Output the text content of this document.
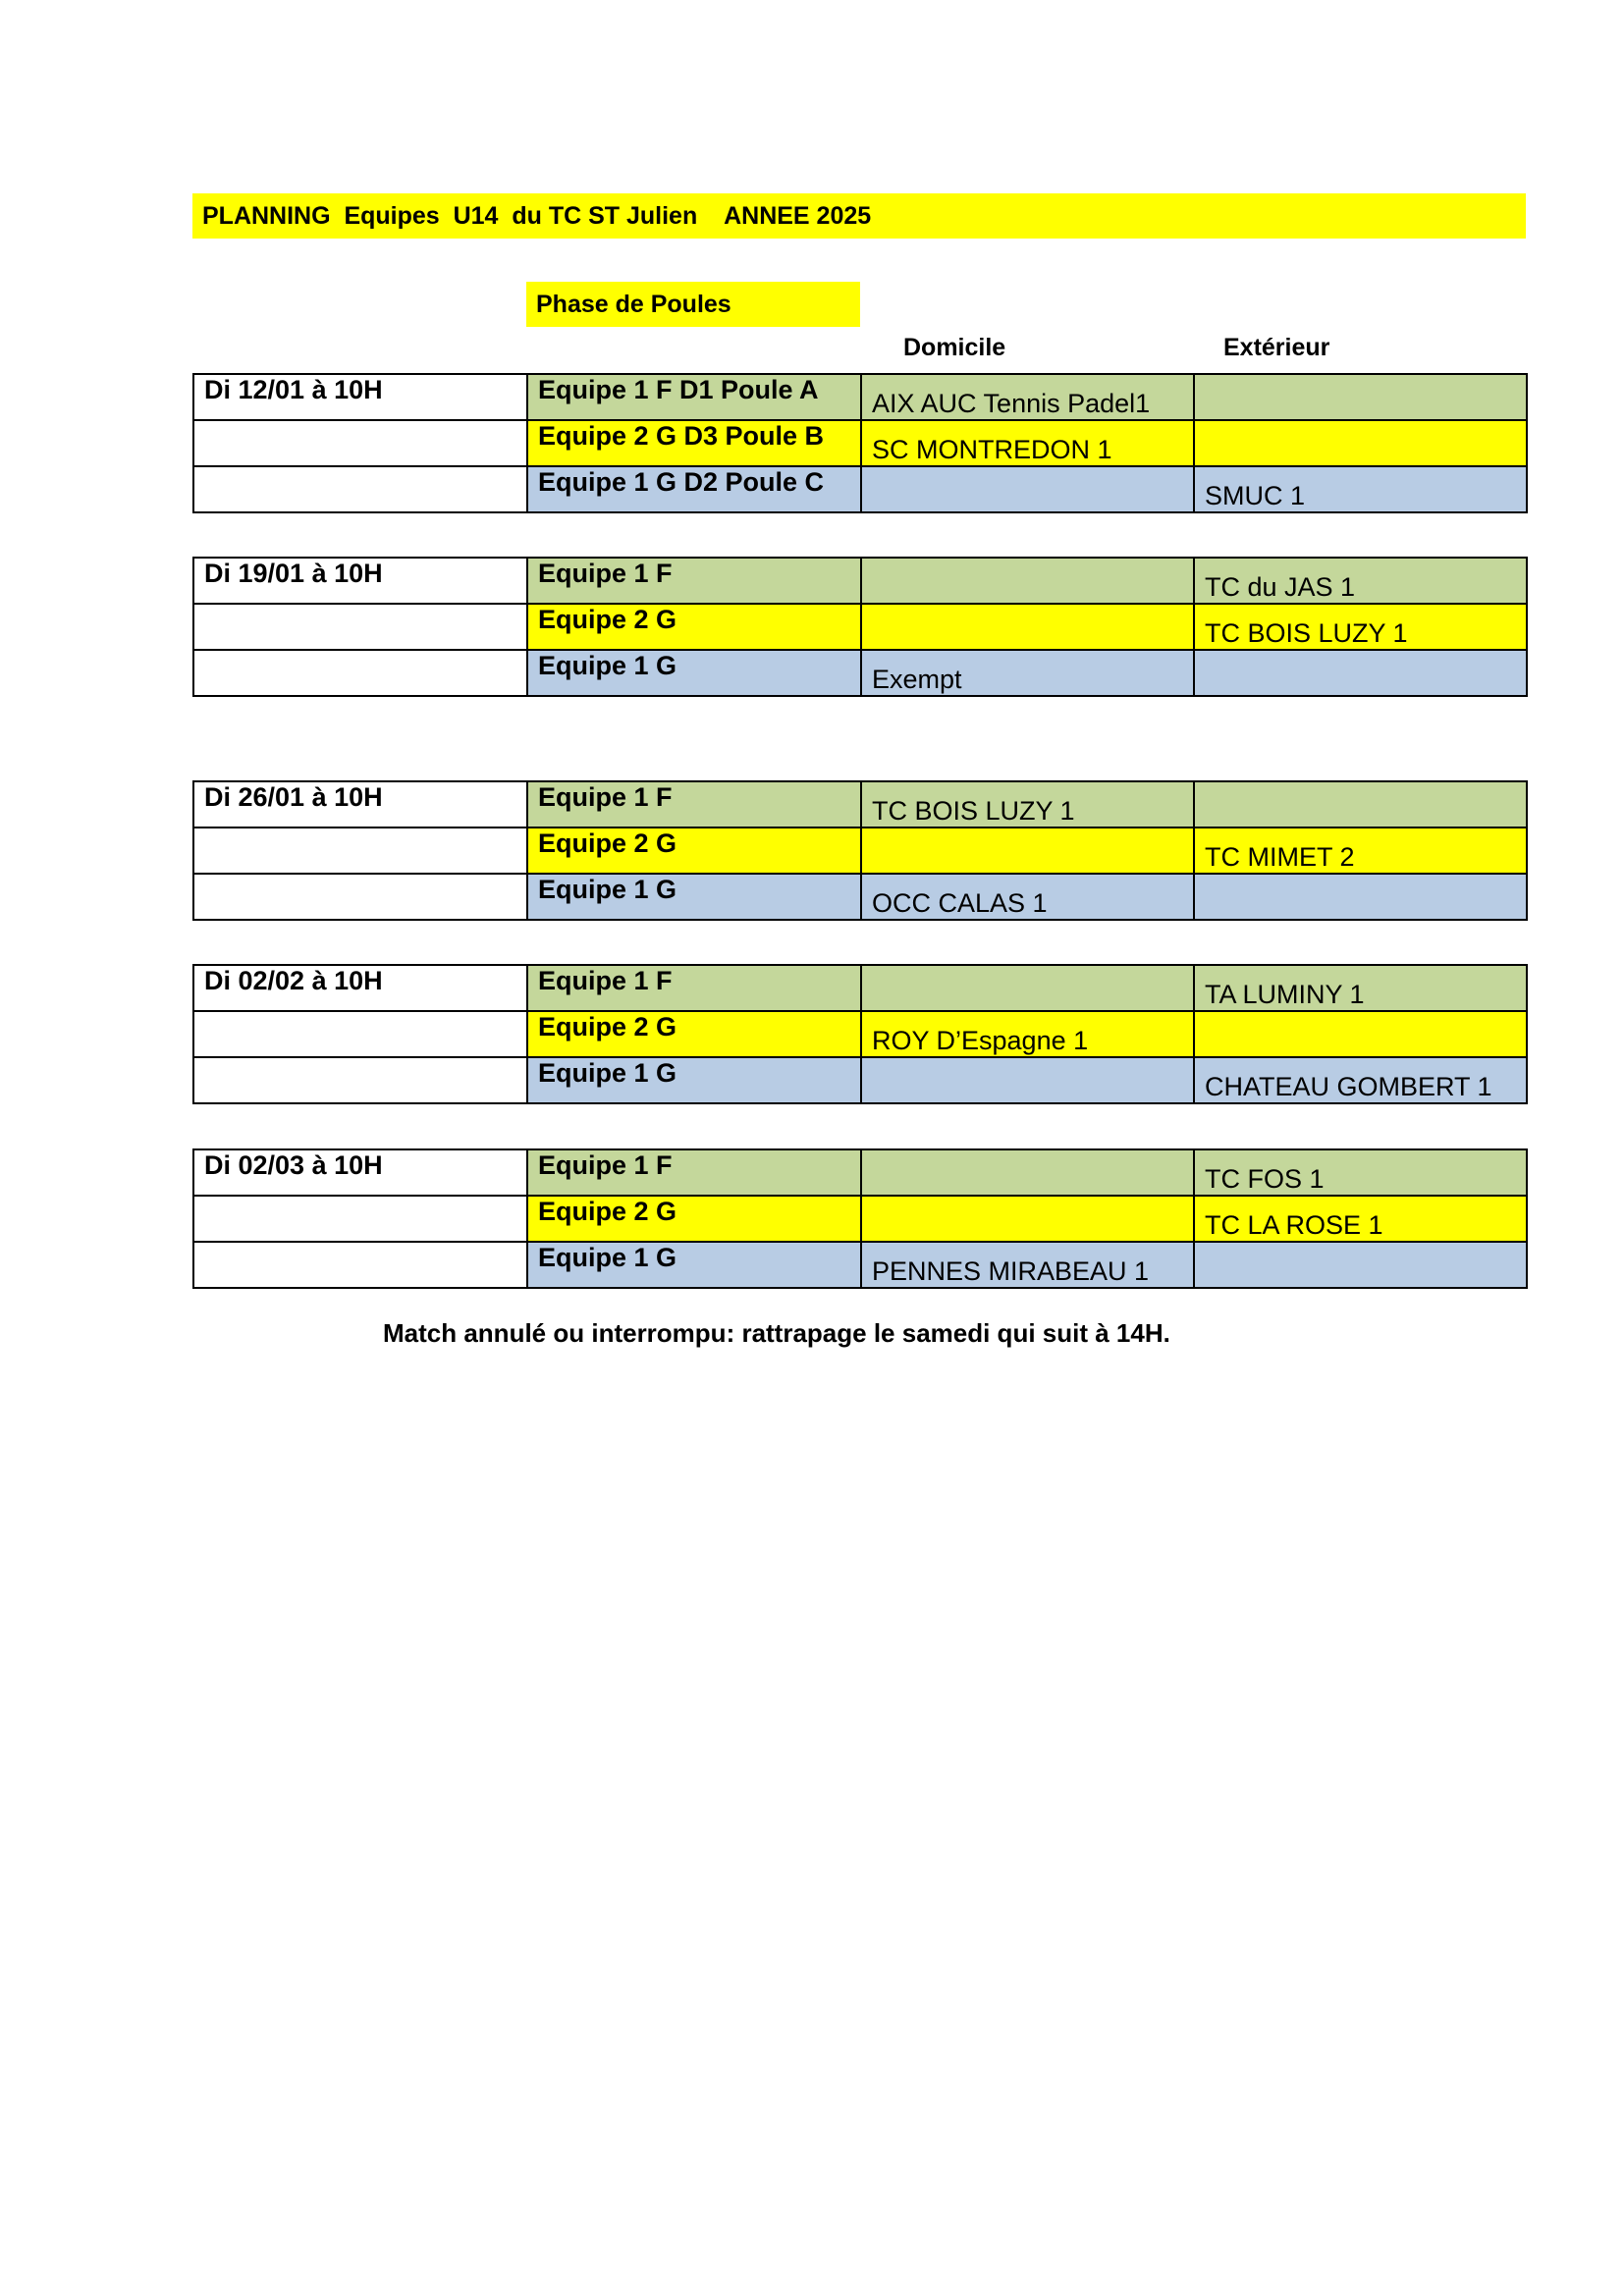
PLANNING  Equipes  U14  du TC ST Julien    ANNEE 2025
Phase de Poules
Domicile	Extérieur
Di 12/01 à 10H	Equipe 1 F D1 Poule A	AIX AUC Tennis Padel1	
	Equipe 2 G D3 Poule B	SC MONTREDON 1	
	Equipe 1 G D2 Poule C		SMUC 1
Di 19/01 à 10H	Equipe 1 F		TC du JAS 1
	Equipe 2 G		TC BOIS LUZY 1
	Equipe 1 G	Exempt	
Di 26/01 à 10H	Equipe 1 F	TC BOIS LUZY 1	
	Equipe 2 G		TC MIMET 2
	Equipe 1 G	OCC CALAS 1	
Di 02/02 à 10H	Equipe 1 F		TA LUMINY 1
	Equipe 2 G	ROY D’Espagne 1	
	Equipe 1 G		CHATEAU GOMBERT 1
Di 02/03 à 10H	Equipe 1 F		TC FOS 1
	Equipe 2 G		TC LA ROSE 1
	Equipe 1 G	PENNES MIRABEAU 1	
Match annulé ou interrompu: rattrapage le samedi qui suit à 14H.
